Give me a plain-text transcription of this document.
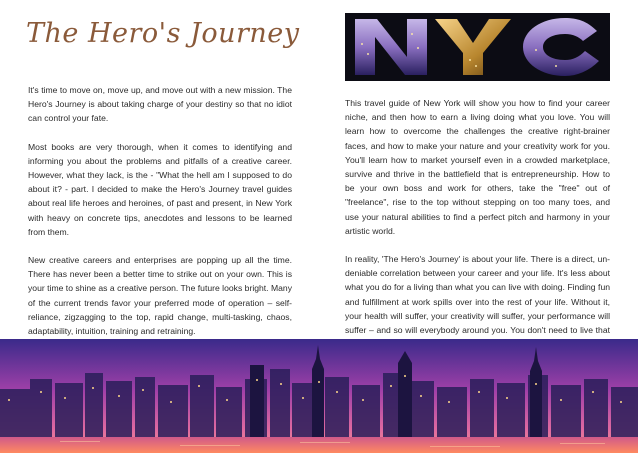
The Hero's Journey

It's time to move on, move up, and move out with a new mission. The Hero's Journey is about taking charge of your destiny so that no idiot can control your fate.

Most books are very thorough, when it comes to identifying and informing you about the problems and pitfalls of a creative career. However, what they lack, is the - "What the hell am I supposed to do about it? - part. I decided to make the Hero's Journey travel guides about real life heroes and heroines, of past and present, in New York with heavy on concrete tips, anecdotes and lessons to be learned from them.

New creative careers and enterprises are popping up all the time. There has never been a better time to strike out on your own. This is your time to shine as a creative person. The future looks bright. Many of the current trends favor your preferred mode of operation – self-reliance, zigzagging to the top, rapid change, multi-tasking, chaos, adaptability, intuition, training and retraining.

This travel guide of New York will show you how to find your career niche, and then how to earn a living doing what you love. You will learn how to overcome the challenges the creative right-brainer faces, and how to make your nature and your creativity work for you. You'll learn how to market yourself even in a crowded marketplace, survive and thrive in the battlefield that is entrepreneurship. How to be your own boss and work for others, take the "free" out of "freelance", rise to the top without stepping on too many toes, and use your natural abilities to find a perfect pitch and harmony in your artistic world.

In reality, 'The Hero's Journey' is about your life. There is a direct, un-deniable correlation between your career and your life. It's less about what you do for a living than what you can live with doing. Finding fun and fulfillment at work spills over into the rest of your life. Without it, your health will suffer, your creativity will suffer, your performance will suffer – and so will everybody around you. You don't need to live that
